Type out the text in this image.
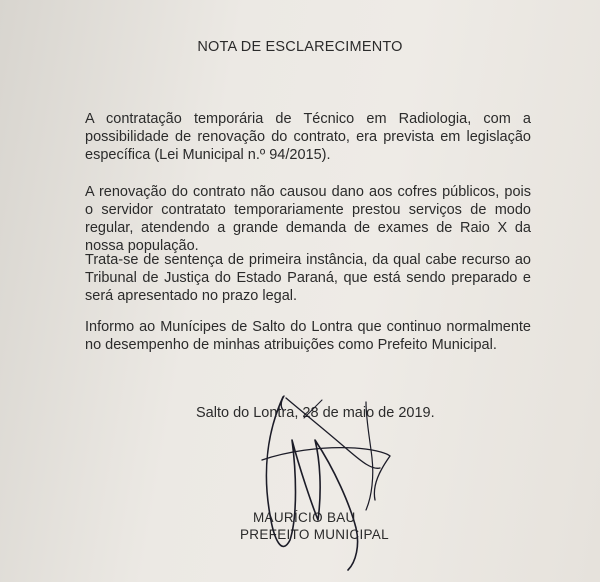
NOTA DE ESCLARECIMENTO
A contratação temporária de Técnico em Radiologia, com a possibilidade de renovação do contrato, era prevista em legislação específica (Lei Municipal n.º 94/2015).
A renovação do contrato não causou dano aos cofres públicos, pois o servidor contratato temporariamente prestou serviços de modo regular, atendendo a grande demanda de exames de Raio X da nossa população.
Trata-se de sentença de primeira instância, da qual cabe recurso ao Tribunal de Justiça do Estado Paraná, que está sendo preparado e será apresentado no prazo legal.
Informo ao Munícipes de Salto do Lontra que continuo normalmente no desempenho de minhas atribuições como Prefeito Municipal.
Salto do Lontra, 28 de maio de 2019.
MAURÍCIO BAU
PREFEITO MUNICIPAL
